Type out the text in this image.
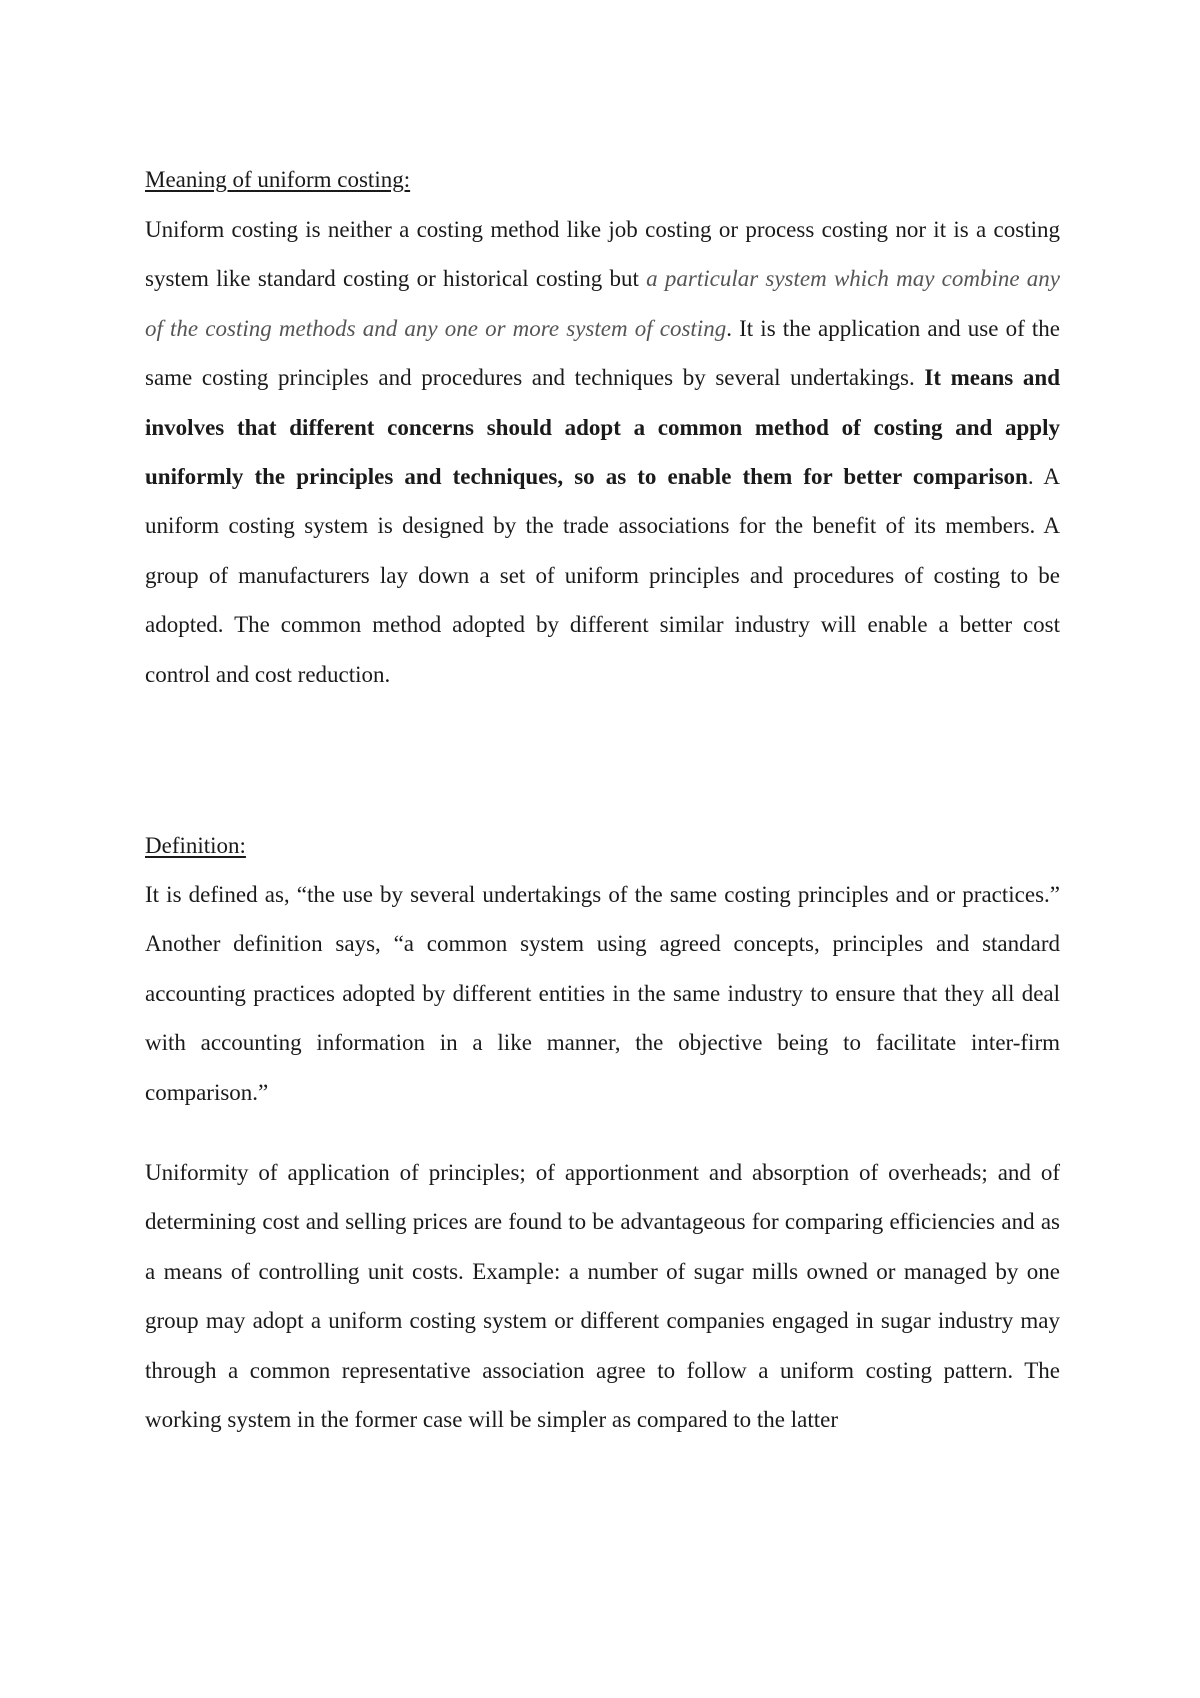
Meaning of uniform costing:

Uniform costing is neither a costing method like job costing or process costing nor it is a costing system like standard costing or historical costing but a particular system which may combine any of the costing methods and any one or more system of costing. It is the application and use of the same costing principles and procedures and techniques by several undertakings. It means and involves that different concerns should adopt a common method of costing and apply uniformly the principles and techniques, so as to enable them for better comparison. A uniform costing system is designed by the trade associations for the benefit of its members. A group of manufacturers lay down a set of uniform principles and procedures of costing to be adopted. The common method adopted by different similar industry will enable a better cost control and cost reduction.

Definition:

It is defined as, “the use by several undertakings of the same costing principles and or practices.” Another definition says, “a common system using agreed concepts, principles and standard accounting practices adopted by different entities in the same industry to ensure that they all deal with accounting information in a like manner, the objective being to facilitate inter-firm comparison.”

Uniformity of application of principles; of apportionment and absorption of overheads; and of determining cost and selling prices are found to be advantageous for comparing efficiencies and as a means of controlling unit costs. Example: a number of sugar mills owned or managed by one group may adopt a uniform costing system or different companies engaged in sugar industry may through a common representative association agree to follow a uniform costing pattern. The working system in the former case will be simpler as compared to the latter
